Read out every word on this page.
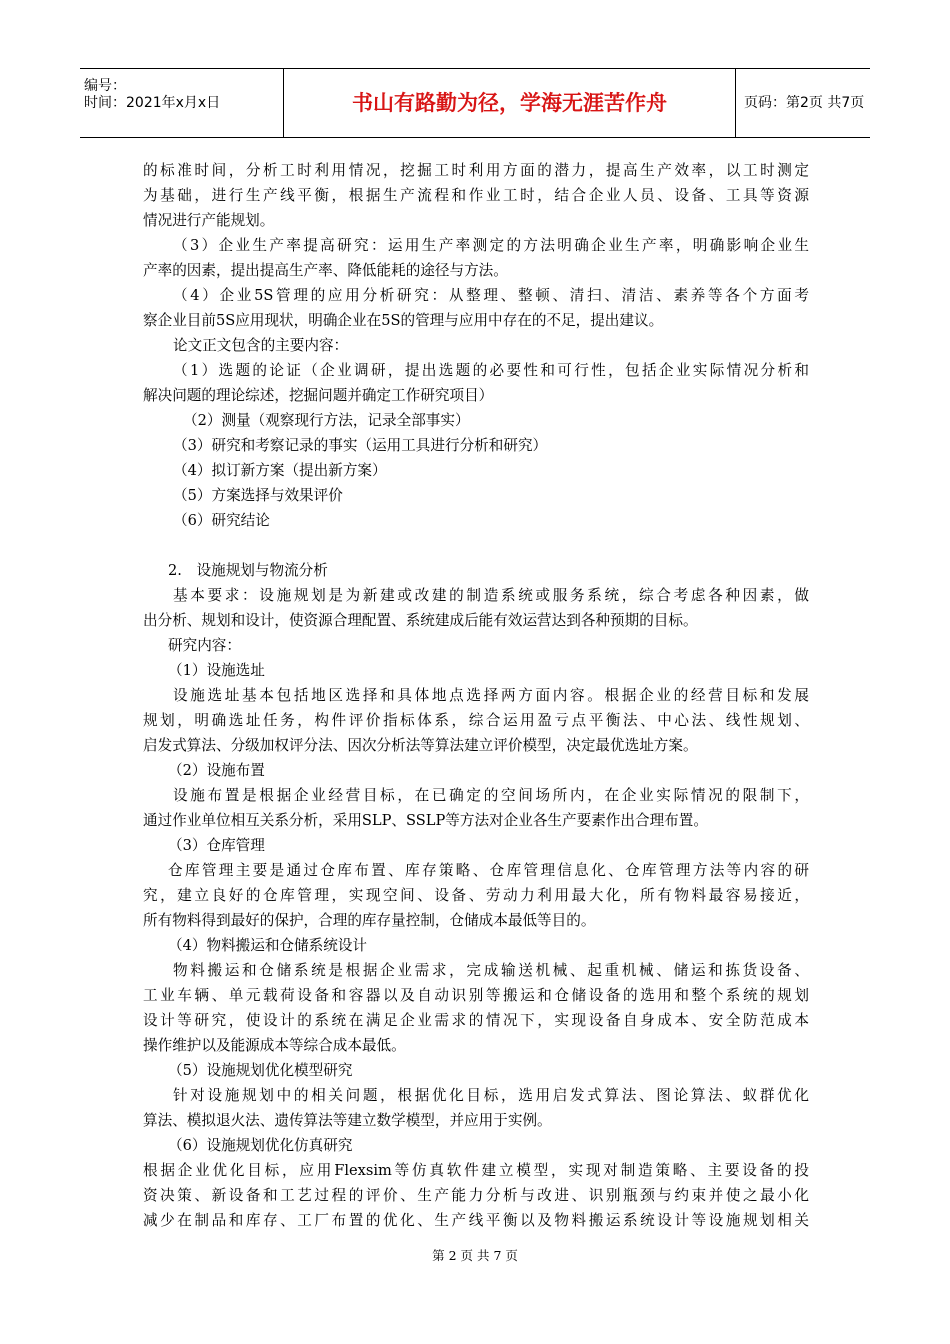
编号：
时间：2021年x月x日	书山有路勤为径，学海无涯苦作舟	页码：第2页 共7页
的标准时间，分析工时利用情况，挖掘工时利用方面的潜力，提高生产效率，以工时测定
为基础，进行生产线平衡，根据生产流程和作业工时，结合企业人员、设备、工具等资源
情况进行产能规划。
（3）企业生产率提高研究：运用生产率测定的方法明确企业生产率，明确影响企业生
产率的因素，提出提高生产率、降低能耗的途径与方法。
（4）企业5S管理的应用分析研究：从整理、整顿、清扫、清洁、素养等各个方面考
察企业目前5S应用现状，明确企业在5S的管理与应用中存在的不足，提出建议。
论文正文包含的主要内容：
（1）选题的论证（企业调研，提出选题的必要性和可行性，包括企业实际情况分析和
解决问题的理论综述，挖掘问题并确定工作研究项目）
（2）测量（观察现行方法，记录全部事实）
（3）研究和考察记录的事实（运用工具进行分析和研究）
（4）拟订新方案（提出新方案）
（5）方案选择与效果评价
（6）研究结论
2.　设施规划与物流分析
基本要求：设施规划是为新建或改建的制造系统或服务系统，综合考虑各种因素，做
出分析、规划和设计，使资源合理配置、系统建成后能有效运营达到各种预期的目标。
研究内容：
（1）设施选址
设施选址基本包括地区选择和具体地点选择两方面内容。根据企业的经营目标和发展
规划，明确选址任务，构件评价指标体系，综合运用盈亏点平衡法、中心法、线性规划、
启发式算法、分级加权评分法、因次分析法等算法建立评价模型，决定最优选址方案。
（2）设施布置
设施布置是根据企业经营目标，在已确定的空间场所内，在企业实际情况的限制下，
通过作业单位相互关系分析，采用SLP、SSLP等方法对企业各生产要素作出合理布置。
（3）仓库管理
仓库管理主要是通过仓库布置、库存策略、仓库管理信息化、仓库管理方法等内容的研
究，建立良好的仓库管理，实现空间、设备、劳动力利用最大化，所有物料最容易接近，
所有物料得到最好的保护，合理的库存量控制，仓储成本最低等目的。
（4）物料搬运和仓储系统设计
物料搬运和仓储系统是根据企业需求，完成输送机械、起重机械、储运和拣货设备、
工业车辆、单元载荷设备和容器以及自动识别等搬运和仓储设备的选用和整个系统的规划
设计等研究，使设计的系统在满足企业需求的情况下，实现设备自身成本、安全防范成本
操作维护以及能源成本等综合成本最低。
（5）设施规划优化模型研究
针对设施规划中的相关问题，根据优化目标，选用启发式算法、图论算法、蚁群优化
算法、模拟退火法、遗传算法等建立数学模型，并应用于实例。
（6）设施规划优化仿真研究
根据企业优化目标，应用Flexsim等仿真软件建立模型，实现对制造策略、主要设备的投
资决策、新设备和工艺过程的评价、生产能力分析与改进、识别瓶颈与约束并使之最小化
减少在制品和库存、工厂布置的优化、生产线平衡以及物料搬运系统设计等设施规划相关
第 2 页 共 7 页
